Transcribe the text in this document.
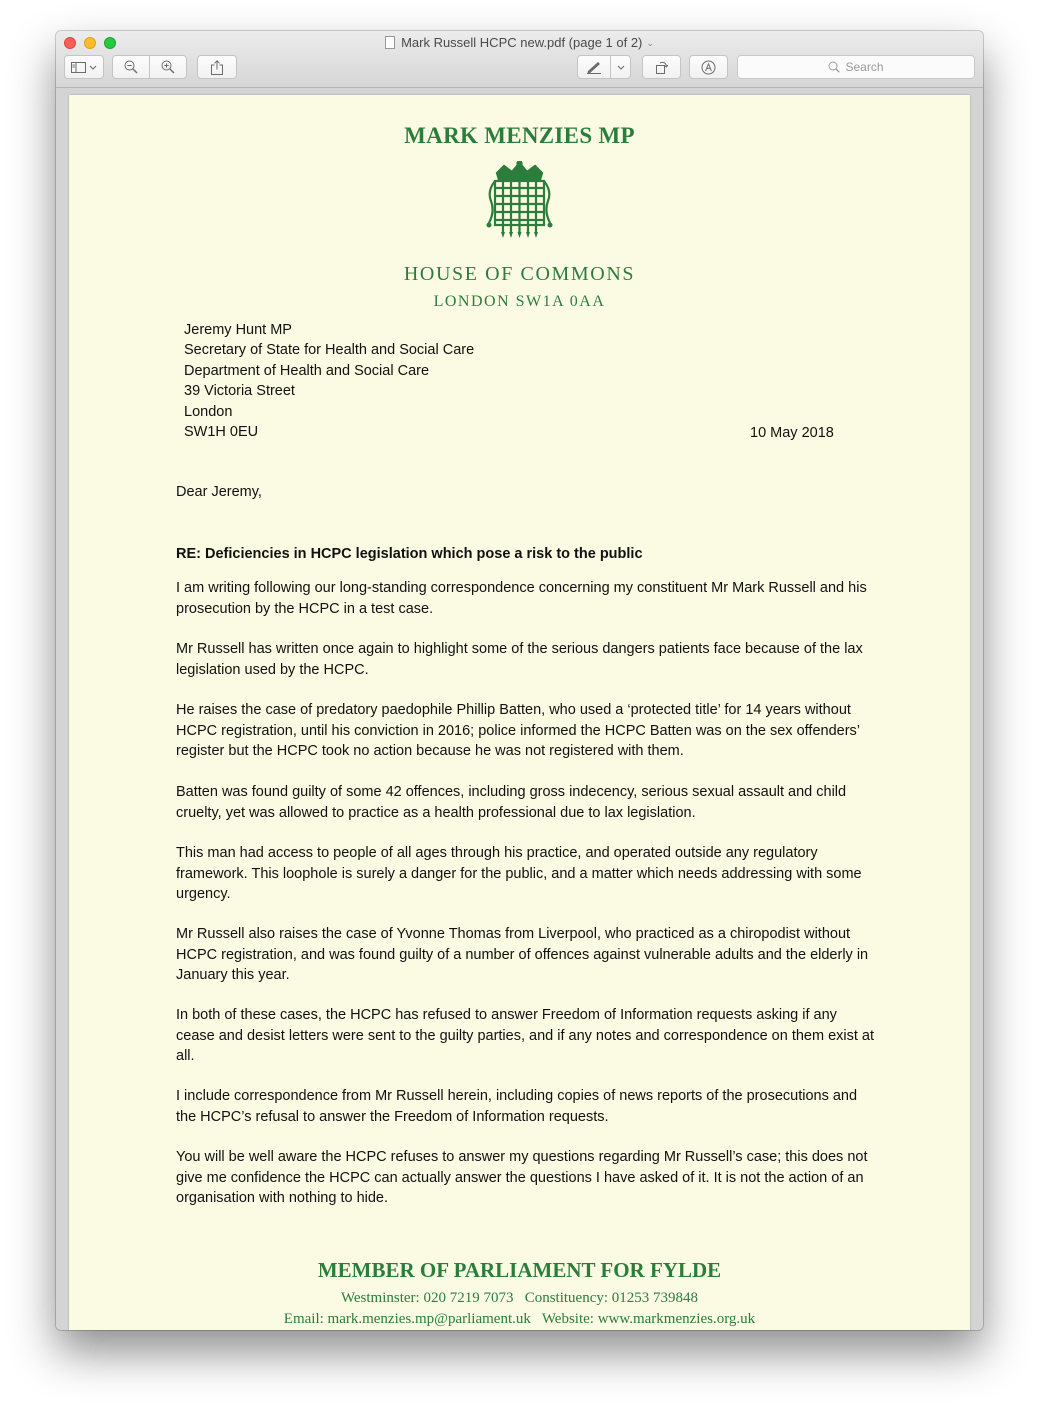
Mark Russell HCPC new.pdf (page 1 of 2) ⌄
Search
MARK MENZIES MP
HOUSE OF COMMONS
LONDON SW1A 0AA
Jeremy Hunt MP
Secretary of State for Health and Social Care
Department of Health and Social Care
39 Victoria Street
London
SW1H 0EU	10 May 2018
Dear Jeremy,
RE: Deficiencies in HCPC legislation which pose a risk to the public

I am writing following our long-standing correspondence concerning my constituent Mr Mark Russell and his prosecution by the HCPC in a test case.

Mr Russell has written once again to highlight some of the serious dangers patients face because of the lax legislation used by the HCPC.

He raises the case of predatory paedophile Phillip Batten, who used a ‘protected title’ for 14 years without HCPC registration, until his conviction in 2016; police informed the HCPC Batten was on the sex offenders’ register but the HCPC took no action because he was not registered with them.

Batten was found guilty of some 42 offences, including gross indecency, serious sexual assault and child cruelty, yet was allowed to practice as a health professional due to lax legislation.

This man had access to people of all ages through his practice, and operated outside any regulatory framework. This loophole is surely a danger for the public, and a matter which needs addressing with some urgency.

Mr Russell also raises the case of Yvonne Thomas from Liverpool, who practiced as a chiropodist without HCPC registration, and was found guilty of a number of offences against vulnerable adults and the elderly in January this year.

In both of these cases, the HCPC has refused to answer Freedom of Information requests asking if any cease and desist letters were sent to the guilty parties, and if any notes and correspondence on them exist at all.

I include correspondence from Mr Russell herein, including copies of news reports of the prosecutions and the HCPC’s refusal to answer the Freedom of Information requests.

You will be well aware the HCPC refuses to answer my questions regarding Mr Russell’s case; this does not give me confidence the HCPC can actually answer the questions I have asked of it. It is not the action of an organisation with nothing to hide.

MEMBER OF PARLIAMENT FOR FYLDE
Westminster: 020 7219 7073   Constituency: 01253 739848
Email: mark.menzies.mp@parliament.uk   Website: www.markmenzies.org.uk
